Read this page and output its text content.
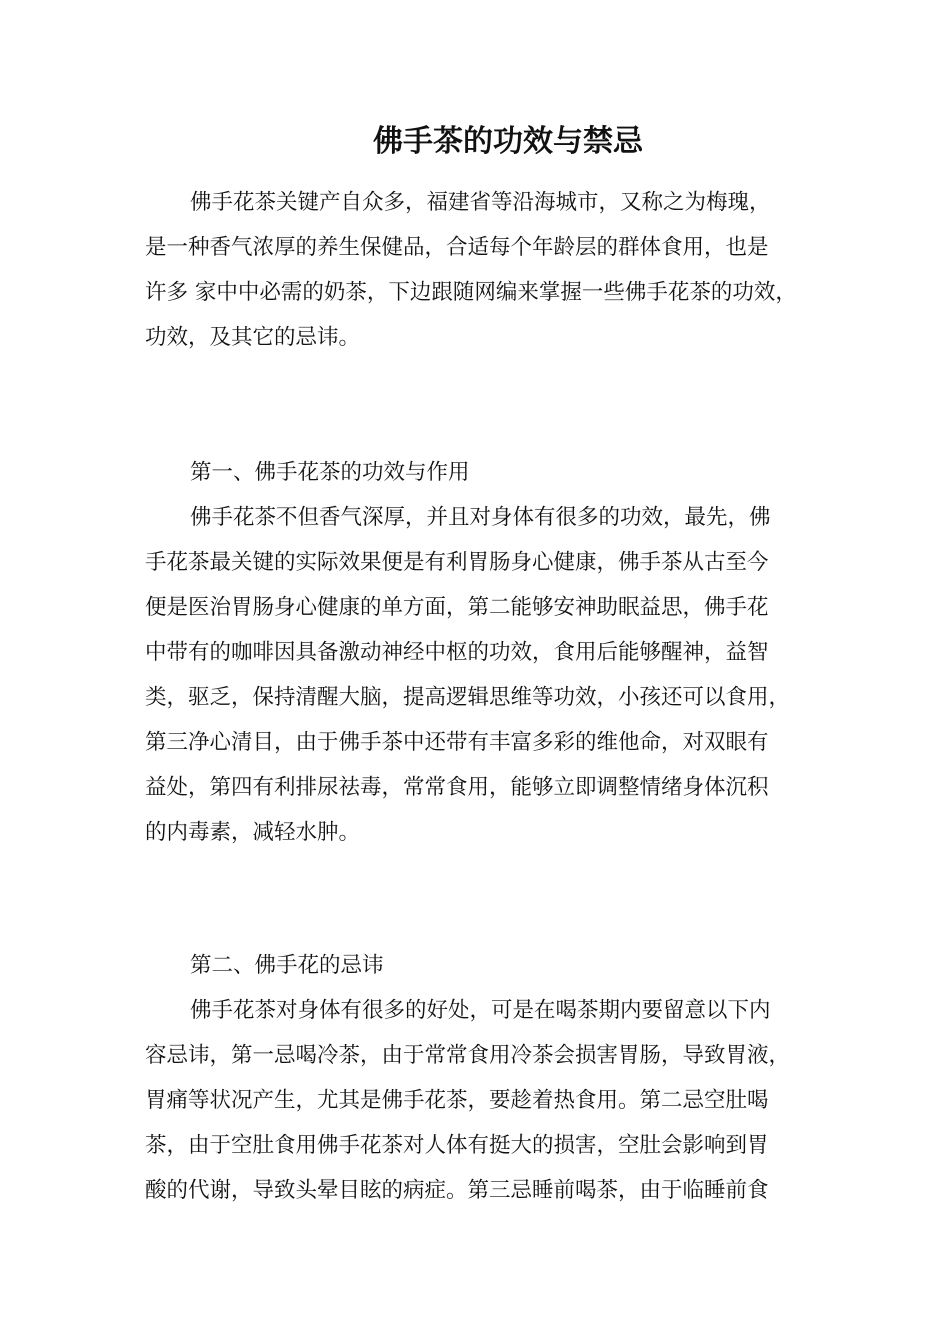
佛手茶的功效与禁忌
佛手花茶关键产自众多，福建省等沿海城市，又称之为梅瑰，
是一种香气浓厚的养生保健品，合适每个年龄层的群体食用，也是
许多 家中中必需的奶茶，下边跟随网编来掌握一些佛手花茶的功效，
功效，及其它的忌讳。
第一、佛手花茶的功效与作用
佛手花茶不但香气深厚，并且对身体有很多的功效，最先，佛
手花茶最关键的实际效果便是有利胃肠身心健康，佛手茶从古至今
便是医治胃肠身心健康的单方面，第二能够安神助眠益思，佛手花
中带有的咖啡因具备激动神经中枢的功效，食用后能够醒神，益智
类，驱乏，保持清醒大脑，提高逻辑思维等功效，小孩还可以食用，
第三净心清目，由于佛手茶中还带有丰富多彩的维他命，对双眼有
益处，第四有利排尿祛毒，常常食用，能够立即调整情绪身体沉积
的内毒素，减轻水肿。
第二、佛手花的忌讳
佛手花茶对身体有很多的好处，可是在喝茶期内要留意以下内
容忌讳，第一忌喝冷茶，由于常常食用冷茶会损害胃肠，导致胃液，
胃痛等状况产生，尤其是佛手花茶，要趁着热食用。第二忌空肚喝
茶，由于空肚食用佛手花茶对人体有挺大的损害，空肚会影响到胃
酸的代谢，导致头晕目眩的病症。第三忌睡前喝茶，由于临睡前食
